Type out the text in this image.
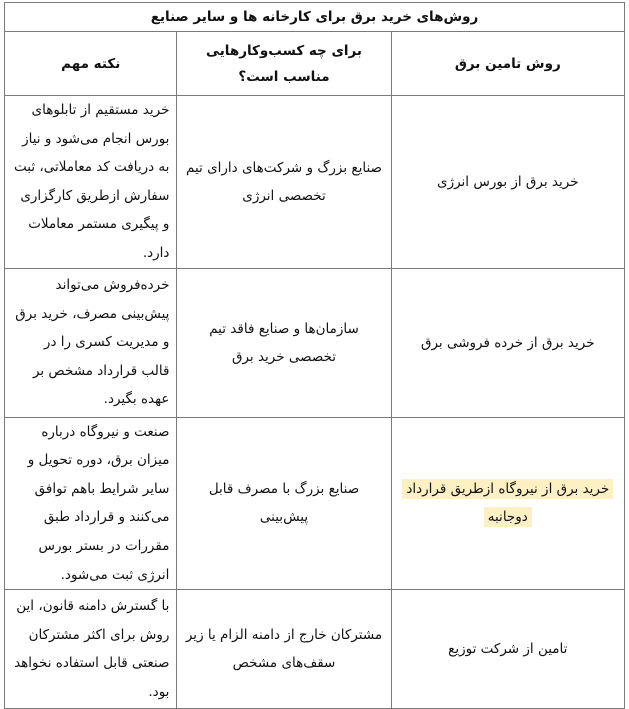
روش‌های خرید برق برای کارخانه ها و سایر صنایع		
روش تامین برق	برای چه کسب‌وکارهایی مناسب است؟	نکته مهم
خرید برق از بورس انرژی	صنایع بزرگ و شرکت‌های دارای تیم تخصصی انرژی	خرید مستقیم از تابلوهای بورس انجام می‌شود و نیاز به دریافت کد معاملاتی، ثبت سفارش ازطریق کارگزاری و پیگیری مستمر معاملات دارد.
خرید برق از خرده فروشی برق	سازمان‌ها و صنایع فاقد تیم تخصصی خرید برق	خرده‌فروش می‌تواند پیش‌بینی مصرف، خرید برق و مدیریت کسری را در قالب قرارداد مشخص بر عهده بگیرد.
خرید برق از نیروگاه ازطریق قرارداد دوجانبه	صنایع بزرگ با مصرف قابل پیش‌بینی	صنعت و نیروگاه درباره میزان برق، دوره تحویل و سایر شرایط باهم توافق می‌کنند و قرارداد طبق مقررات در بستر بورس انرژی ثبت می‌شود.
تامین از شرکت توزیع	مشترکان خارج از دامنه الزام یا زیر سقف‌های مشخص	با گسترش دامنه قانون، این روش برای اکثر مشترکان صنعتی قابل استفاده نخواهد بود.
